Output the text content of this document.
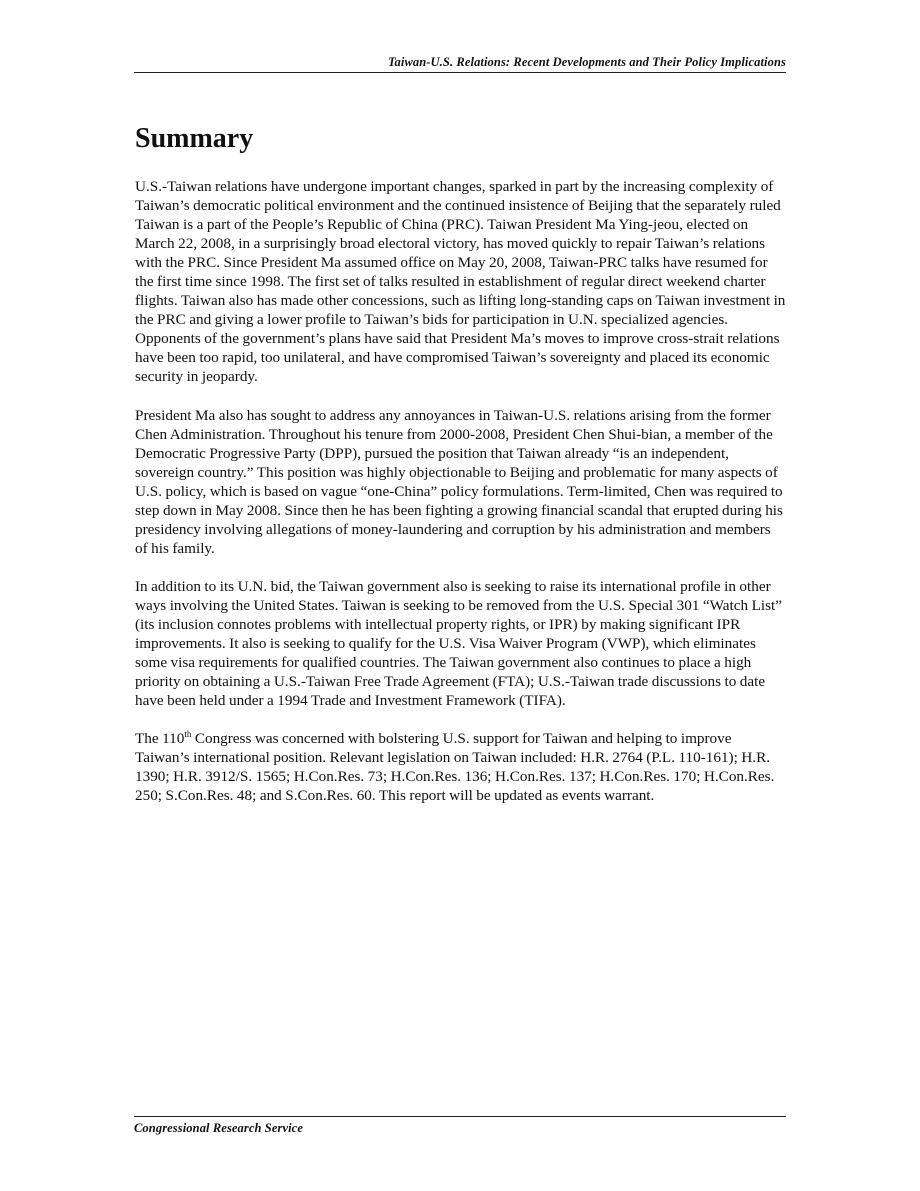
Taiwan-U.S. Relations: Recent Developments and Their Policy Implications
Summary

U.S.-Taiwan relations have undergone important changes, sparked in part by the increasing complexity of Taiwan’s democratic political environment and the continued insistence of Beijing that the separately ruled Taiwan is a part of the People’s Republic of China (PRC). Taiwan President Ma Ying-jeou, elected on March 22, 2008, in a surprisingly broad electoral victory, has moved quickly to repair Taiwan’s relations with the PRC. Since President Ma assumed office on May 20, 2008, Taiwan-PRC talks have resumed for the first time since 1998. The first set of talks resulted in establishment of regular direct weekend charter flights. Taiwan also has made other concessions, such as lifting long-standing caps on Taiwan investment in the PRC and giving a lower profile to Taiwan’s bids for participation in U.N. specialized agencies. Opponents of the government’s plans have said that President Ma’s moves to improve cross-strait relations have been too rapid, too unilateral, and have compromised Taiwan’s sovereignty and placed its economic security in jeopardy.

President Ma also has sought to address any annoyances in Taiwan-U.S. relations arising from the former Chen Administration. Throughout his tenure from 2000-2008, President Chen Shui-bian, a member of the Democratic Progressive Party (DPP), pursued the position that Taiwan already “is an independent, sovereign country.” This position was highly objectionable to Beijing and problematic for many aspects of U.S. policy, which is based on vague “one-China” policy formulations. Term-limited, Chen was required to step down in May 2008. Since then he has been fighting a growing financial scandal that erupted during his presidency involving allegations of money-laundering and corruption by his administration and members of his family.

In addition to its U.N. bid, the Taiwan government also is seeking to raise its international profile in other ways involving the United States. Taiwan is seeking to be removed from the U.S. Special 301 “Watch List” (its inclusion connotes problems with intellectual property rights, or IPR) by making significant IPR improvements. It also is seeking to qualify for the U.S. Visa Waiver Program (VWP), which eliminates some visa requirements for qualified countries. The Taiwan government also continues to place a high priority on obtaining a U.S.-Taiwan Free Trade Agreement (FTA); U.S.-Taiwan trade discussions to date have been held under a 1994 Trade and Investment Framework (TIFA).

The 110th Congress was concerned with bolstering U.S. support for Taiwan and helping to improve Taiwan’s international position. Relevant legislation on Taiwan included: H.R. 2764 (P.L. 110-161); H.R. 1390; H.R. 3912/S. 1565; H.Con.Res. 73; H.Con.Res. 136; H.Con.Res. 137; H.Con.Res. 170; H.Con.Res. 250; S.Con.Res. 48; and S.Con.Res. 60. This report will be updated as events warrant.

Congressional Research Service
